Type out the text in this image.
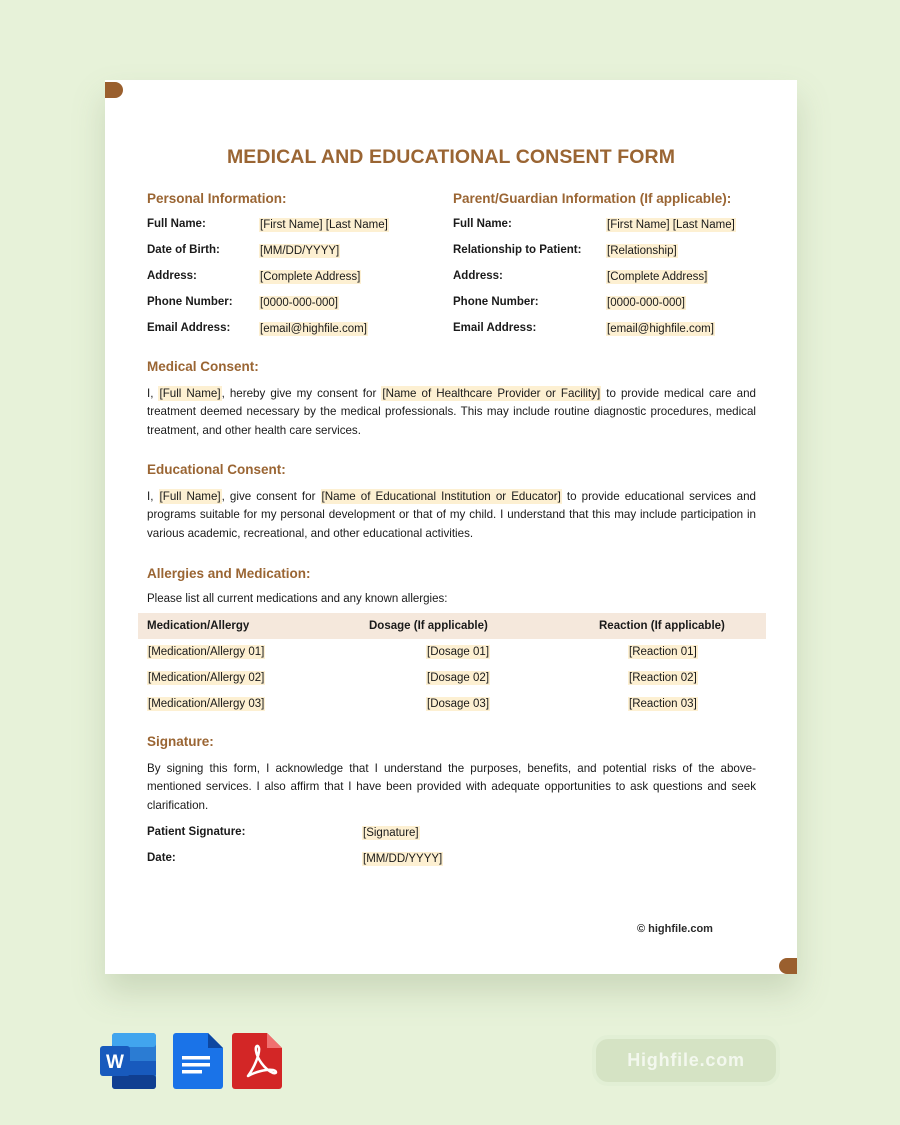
MEDICAL AND EDUCATIONAL CONSENT FORM
Personal Information:
Full Name:	[First Name] [Last Name]
Date of Birth:	[MM/DD/YYYY]
Address:	[Complete Address]
Phone Number: [0000-000-000]
Email Address:	[email@highfile.com]
Parent/Guardian Information (If applicable):
Full Name:	[First Name] [Last Name]
Relationship to Patient: [Relationship]
Address:	[Complete Address]
Phone Number:	[0000-000-000]
Email Address:	[email@highfile.com]
Medical Consent:
I, [Full Name], hereby give my consent for [Name of Healthcare Provider or Facility] to provide medical care and treatment deemed necessary by the medical professionals. This may include routine diagnostic procedures, medical treatment, and other health care services.
Educational Consent:
I, [Full Name], give consent for [Name of Educational Institution or Educator] to provide educational services and programs suitable for my personal development or that of my child. I understand that this may include participation in various academic, recreational, and other educational activities.
Allergies and Medication:
Please list all current medications and any known allergies:
Medication/Allergy	Dosage (If applicable)	Reaction (If applicable)
[Medication/Allergy 01]	[Dosage 01]	[Reaction 01]
[Medication/Allergy 02]	[Dosage 02]	[Reaction 02]
[Medication/Allergy 03]	[Dosage 03]	[Reaction 03]
Signature:
By signing this form, I acknowledge that I understand the purposes, benefits, and potential risks of the above-mentioned services. I also affirm that I have been provided with adequate opportunities to ask questions and seek clarification.
Patient Signature:	[Signature]
Date:	[MM/DD/YYYY]
© highfile.com
W	Highfile.com
